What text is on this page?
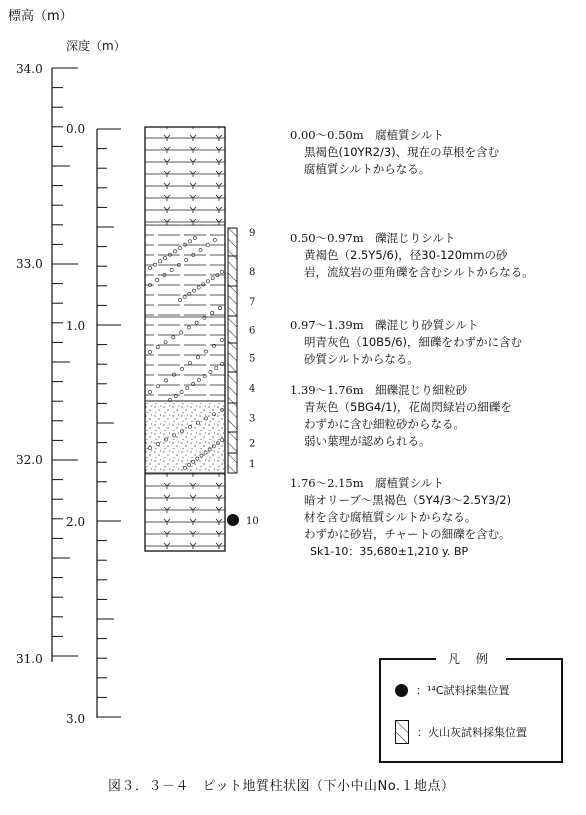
標高（m）
深度（m）
34.0
33.0
32.0
31.0
0.0
1.0
2.0
3.0
9
8
7
6
5
4
3
2
1
10
0.00～0.50m　腐植質シルト
黒褐色(10YR2/3)、現在の草根を含む
腐植質シルトからなる。
0.50～0.97m　礫混じりシルト
黄褐色（2.5Y5/6)，径30-120mmの砂
岩，流紋岩の亜角礫を含むシルトからなる。
0.97～1.39m　礫混じり砂質シルト
明青灰色（10B5/6)，細礫をわずかに含む
砂質シルトからなる。
1.39～1.76m　細礫混じり細粒砂
青灰色（5BG4/1)，花崗閃緑岩の細礫を
わずかに含む細粒砂からなる。
弱い葉理が認められる。
1.76～2.15m　腐植質シルト
暗オリーブ～黒褐色（5Y4/3～2.5Y3/2)
材を含む腐植質シルトからなる。
わずかに砂岩，チャートの細礫を含む。
Sk1-10：35,680±1,210 y. BP
凡 例
：¹⁴C試料採集位置
：火山灰試料採集位置
図３．３－４　ピット地質柱状図（下小中山No.１地点）
